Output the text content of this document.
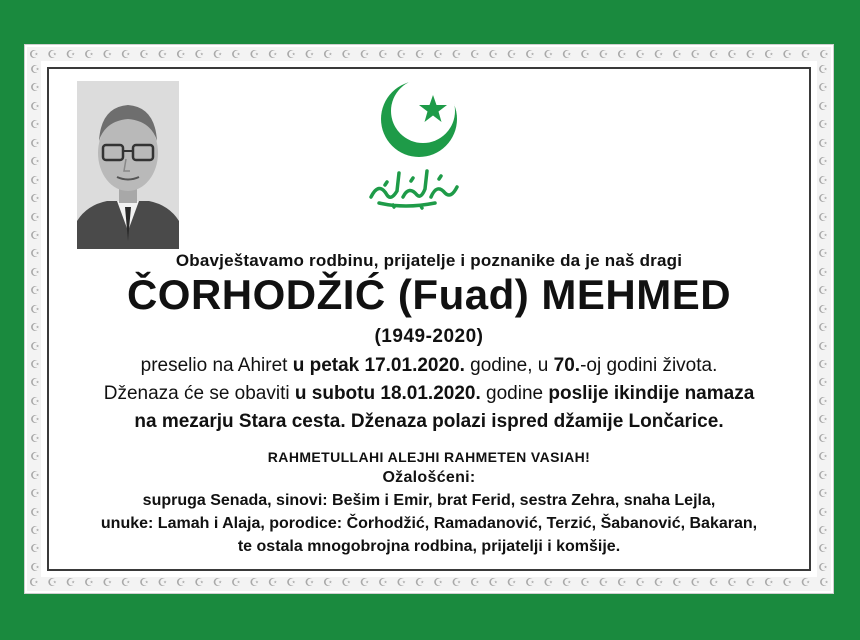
☪ ☪ ☪ ☪ ☪ ☪ ☪ ☪ ☪ ☪ ☪ ☪ ☪ ☪ ☪ ☪ ☪ ☪ ☪ ☪ ☪ ☪ ☪ ☪ ☪ ☪ ☪ ☪ ☪ ☪ ☪ ☪ ☪ ☪ ☪ ☪ ☪ ☪ ☪ ☪ ☪ ☪ ☪ ☪
☪ ☪ ☪ ☪ ☪ ☪ ☪ ☪ ☪ ☪ ☪ ☪ ☪ ☪ ☪ ☪ ☪ ☪ ☪ ☪ ☪ ☪ ☪ ☪ ☪ ☪ ☪ ☪ ☪ ☪ ☪ ☪ ☪ ☪ ☪ ☪ ☪ ☪ ☪ ☪ ☪ ☪ ☪ ☪
☪
☪
☪
☪
☪
☪
☪
☪
☪
☪
☪
☪
☪
☪
☪
☪
☪
☪
☪
☪
☪
☪
☪
☪
☪
☪
☪
☪
☪
☪
☪
☪
☪
☪
☪
☪
☪
☪
☪
☪
☪
☪
☪
☪
☪
☪
☪
☪
☪
☪
☪
☪
☪
☪
☪
☪
Obavještavamo rodbinu, prijatelje i poznanike da je naš dragi
ČORHODŽIĆ (Fuad) MEHMED
(1949-2020)
preselio na Ahiret u petak 17.01.2020. godine, u 70.-oj godini života.
Dženaza će se obaviti u subotu 18.01.2020. godine poslije ikindije namaza
na mezarju Stara cesta. Dženaza polazi ispred džamije Lončarice.
RAHMETULLAHI ALEJHI RAHMETEN VASIAH!
Ožalošćeni:
supruga Senada, sinovi: Bešim i Emir, brat Ferid, sestra Zehra, snaha Lejla,
unuke: Lamah i Alaja, porodice: Čorhodžić, Ramadanović, Terzić, Šabanović, Bakaran,
te ostala mnogobrojna rodbina, prijatelji i komšije.
